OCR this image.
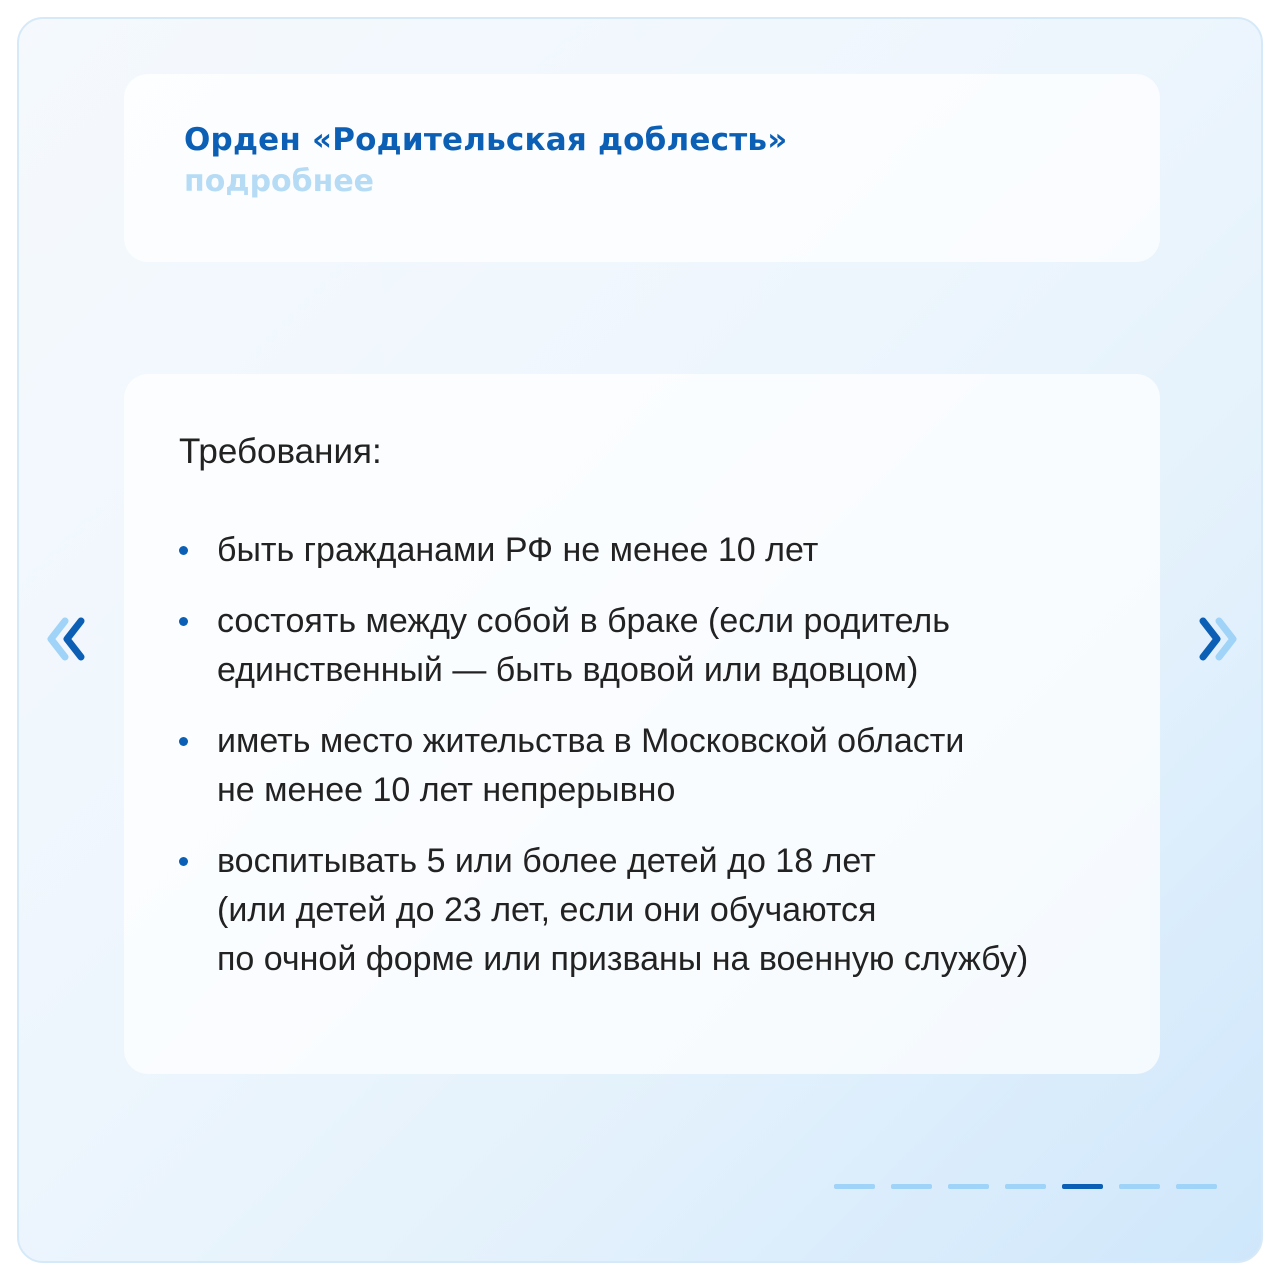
Орден «Родительская доблесть»
подробнее
Требования:
быть гражданами РФ не менее 10 лет
состоять между собой в браке (если родитель
единственный — быть вдовой или вдовцом)
иметь место жительства в Московской области
не менее 10 лет непрерывно
воспитывать 5 или более детей до 18 лет
(или детей до 23 лет, если они обучаются
по очной форме или призваны на военную службу)
